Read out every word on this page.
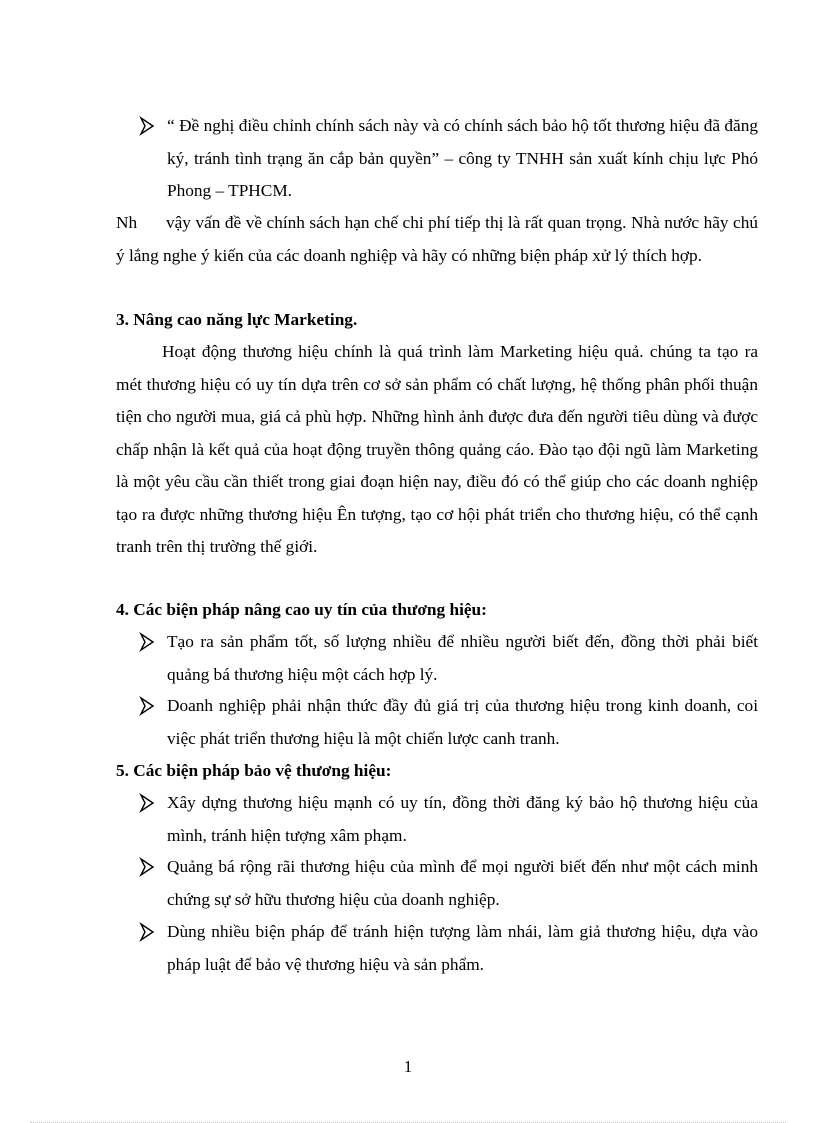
“ Đề nghị điều chỉnh chính sách này và có chính sách bảo hộ tốt thương hiệu đã đăng ký, tránh tình trạng ăn cắp bản quyền” – công ty TNHH sản xuất kính chịu lực Phó Phong – TPHCM.
Nh vậy vấn đề về chính sách hạn chế chi phí tiếp thị là rất quan trọng. Nhà nước hãy chú ý lắng nghe ý kiến của các doanh nghiệp và hãy có những biện pháp xử lý thích hợp.
3. Nâng cao năng lực Marketing.
Hoạt động thương hiệu chính là quá trình làm Marketing hiệu quả. chúng ta tạo ra mét thương hiệu có uy tín dựa trên cơ sở sản phẩm có chất lượng, hệ thống phân phối thuận tiện cho người mua, giá cả phù hợp. Những hình ảnh được đưa đến người tiêu dùng và được chấp nhận là kết quả của hoạt động truyền thông quảng cáo. Đào tạo đội ngũ làm Marketing là một yêu cầu cần thiết trong giai đoạn hiện nay, điều đó có thể giúp cho các doanh nghiệp tạo ra được những thương hiệu Ên tượng, tạo cơ hội phát triển cho thương hiệu, có thể cạnh tranh trên thị trường thế giới.
4. Các biện pháp nâng cao uy tín của thương hiệu:
Tạo ra sản phẩm tốt, số lượng nhiều để nhiều người biết đến, đồng thời phải biết quảng bá thương hiệu một cách hợp lý.
Doanh nghiệp phải nhận thức đầy đủ giá trị của thương hiệu trong kinh doanh, coi việc phát triển thương hiệu là một chiến lược canh tranh.
5. Các biện pháp bảo vệ thương hiệu:
Xây dựng thương hiệu mạnh có uy tín, đồng thời đăng ký bảo hộ thương hiệu của mình, tránh hiện tượng xâm phạm.
Quảng bá rộng rãi thương hiệu của mình để mọi người biết đến như một cách minh chứng sự sở hữu thương hiệu của doanh nghiệp.
Dùng nhiều biện pháp để tránh hiện tượng làm nhái, làm giả thương hiệu, dựa vào pháp luật để bảo vệ thương hiệu và sản phẩm.
1
